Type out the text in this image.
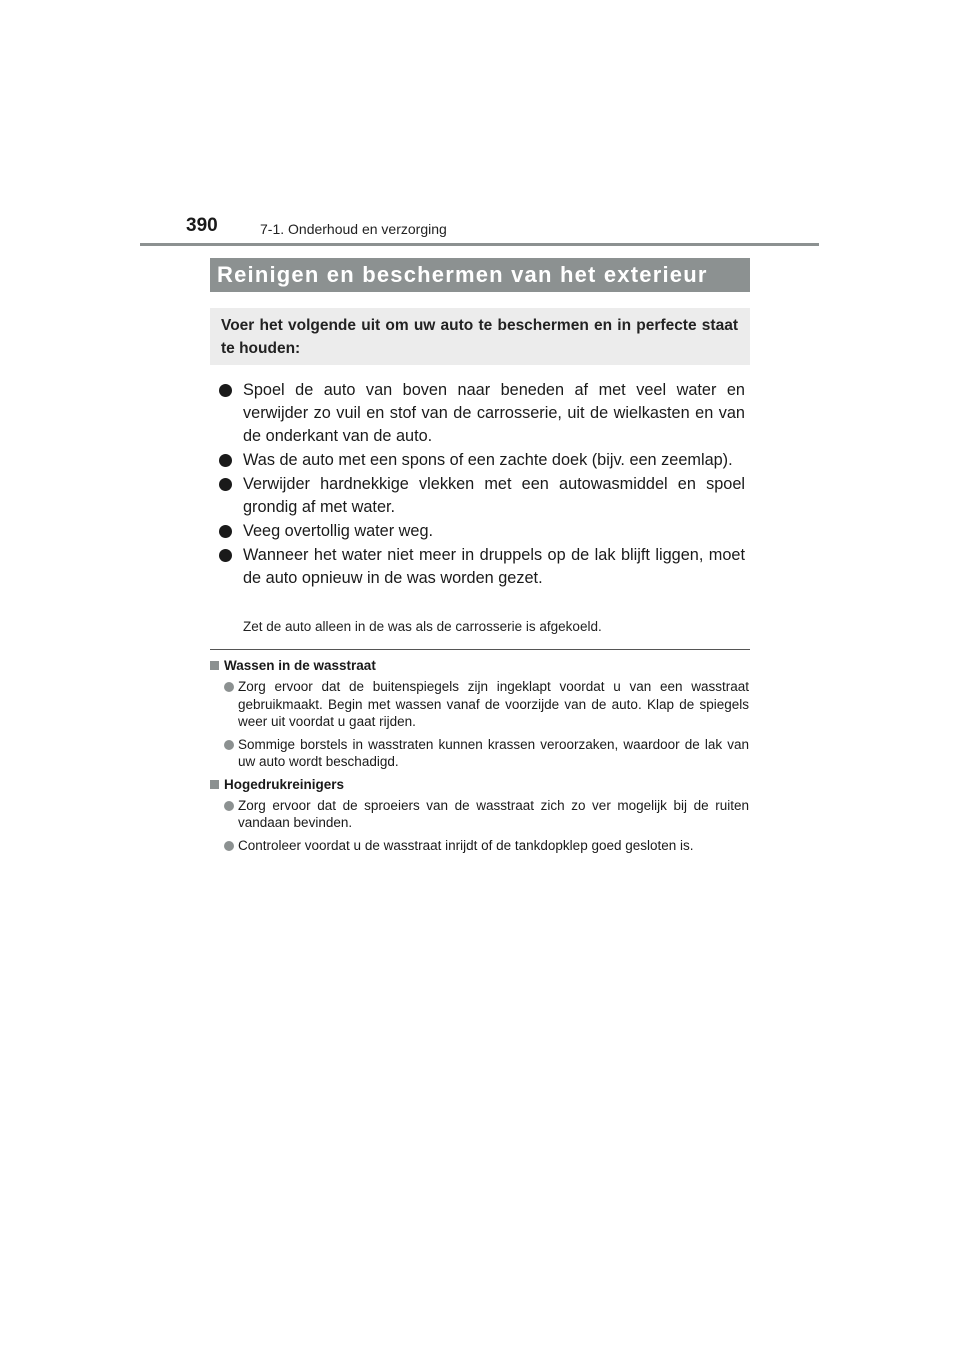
390	7-1. Onderhoud en verzorging
Reinigen en beschermen van het exterieur
Voer het volgende uit om uw auto te beschermen en in perfecte staat te houden:
Spoel de auto van boven naar beneden af met veel water en verwijder zo vuil en stof van de carrosserie, uit de wielkasten en van de onderkant van de auto.
Was de auto met een spons of een zachte doek (bijv. een zeemlap).
Verwijder hardnekkige vlekken met een autowasmiddel en spoel grondig af met water.
Veeg overtollig water weg.
Wanneer het water niet meer in druppels op de lak blijft liggen, moet de auto opnieuw in de was worden gezet.
Zet de auto alleen in de was als de carrosserie is afgekoeld.
Wassen in de wasstraat
Zorg ervoor dat de buitenspiegels zijn ingeklapt voordat u van een wasstraat gebruikmaakt. Begin met wassen vanaf de voorzijde van de auto. Klap de spiegels weer uit voordat u gaat rijden.
Sommige borstels in wasstraten kunnen krassen veroorzaken, waardoor de lak van uw auto wordt beschadigd.
Hogedrukreinigers
Zorg ervoor dat de sproeiers van de wasstraat zich zo ver mogelijk bij de ruiten vandaan bevinden.
Controleer voordat u de wasstraat inrijdt of de tankdopklep goed gesloten is.
